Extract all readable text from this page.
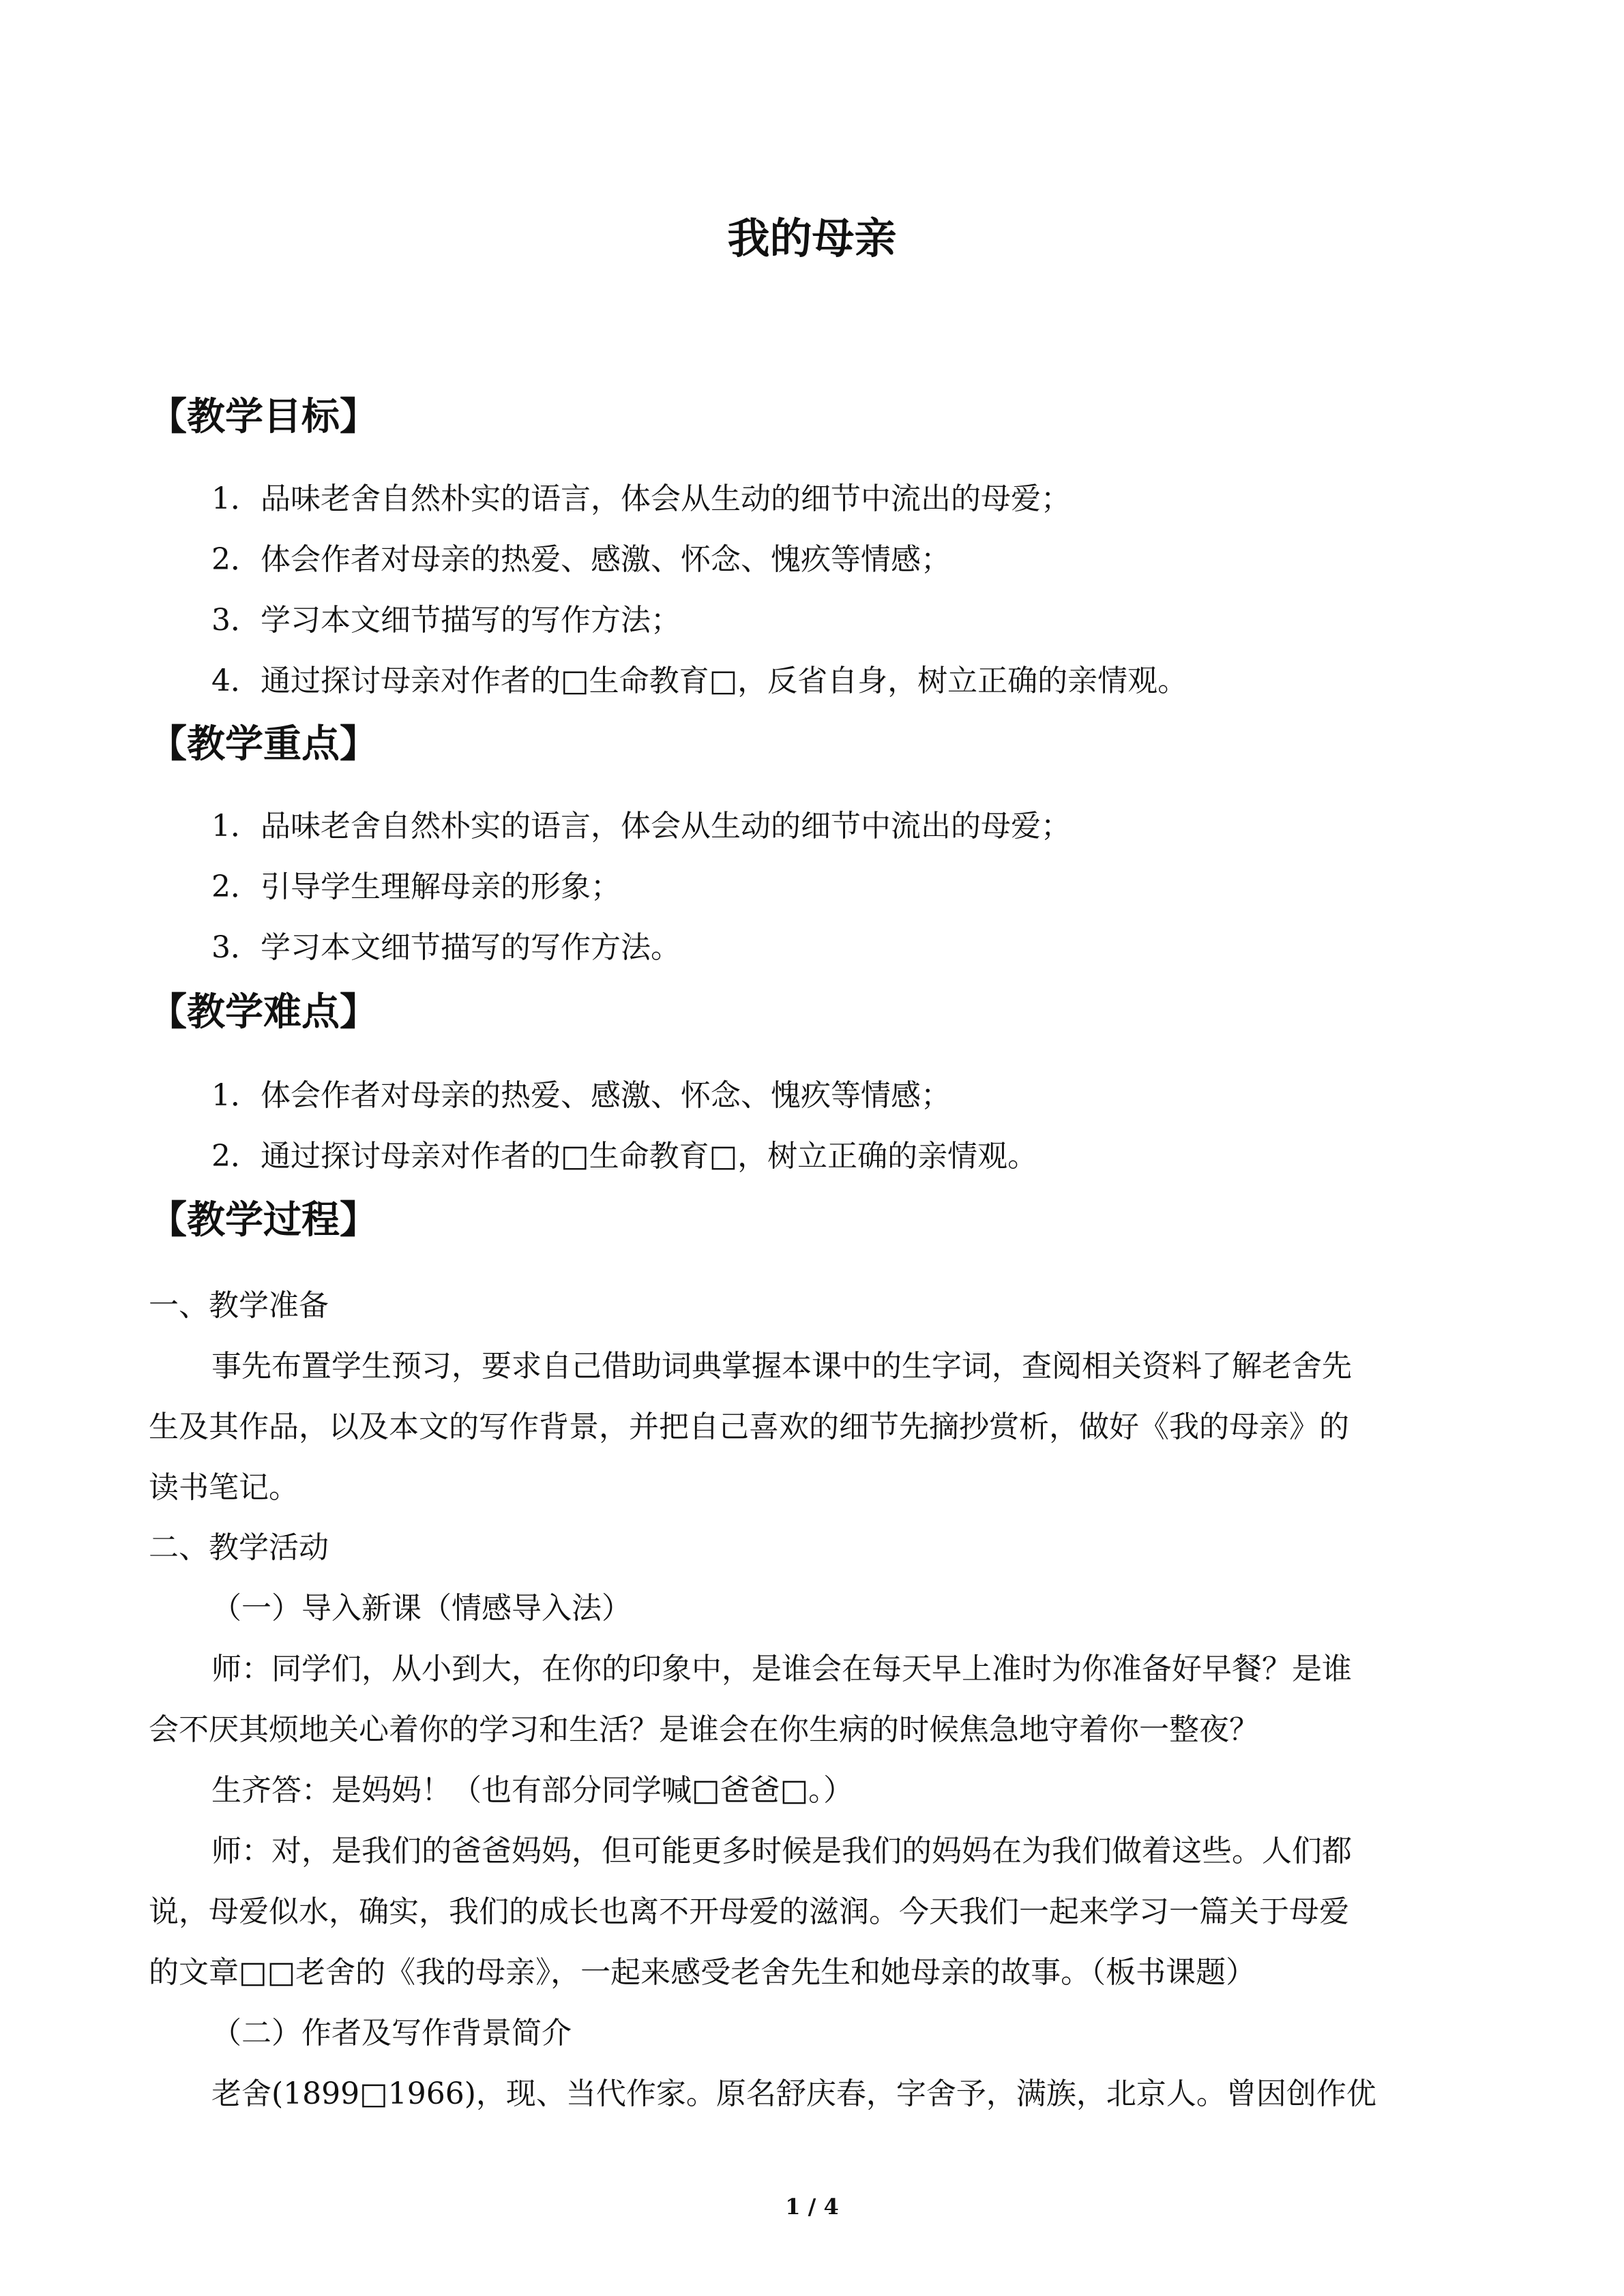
我的母亲
【教学目标】

1．品味老舍自然朴实的语言，体会从生动的细节中流出的母爱；

2．体会作者对母亲的热爱、感激、怀念、愧疚等情感；

3．学习本文细节描写的写作方法；

4．通过探讨母亲对作者的□生命教育□，反省自身，树立正确的亲情观。

【教学重点】

1．品味老舍自然朴实的语言，体会从生动的细节中流出的母爱；

2．引导学生理解母亲的形象；

3．学习本文细节描写的写作方法。

【教学难点】

1．体会作者对母亲的热爱、感激、怀念、愧疚等情感；

2．通过探讨母亲对作者的□生命教育□，树立正确的亲情观。

【教学过程】

一、教学准备

事先布置学生预习，要求自己借助词典掌握本课中的生字词，查阅相关资料了解老舍先

生及其作品，以及本文的写作背景，并把自己喜欢的细节先摘抄赏析，做好《我的母亲》的

读书笔记。

二、教学活动

（一）导入新课（情感导入法）

师：同学们，从小到大，在你的印象中，是谁会在每天早上准时为你准备好早餐？是谁

会不厌其烦地关心着你的学习和生活？是谁会在你生病的时候焦急地守着你一整夜？

生齐答：是妈妈！（也有部分同学喊□爸爸□。）

师：对，是我们的爸爸妈妈，但可能更多时候是我们的妈妈在为我们做着这些。人们都

说，母爱似水，确实，我们的成长也离不开母爱的滋润。今天我们一起来学习一篇关于母爱

的文章□□老舍的《我的母亲》，一起来感受老舍先生和她母亲的故事。（板书课题）

（二）作者及写作背景简介

老舍(1899□1966)，现、当代作家。原名舒庆春，字舍予，满族，北京人。曾因创作优

1 / 4
